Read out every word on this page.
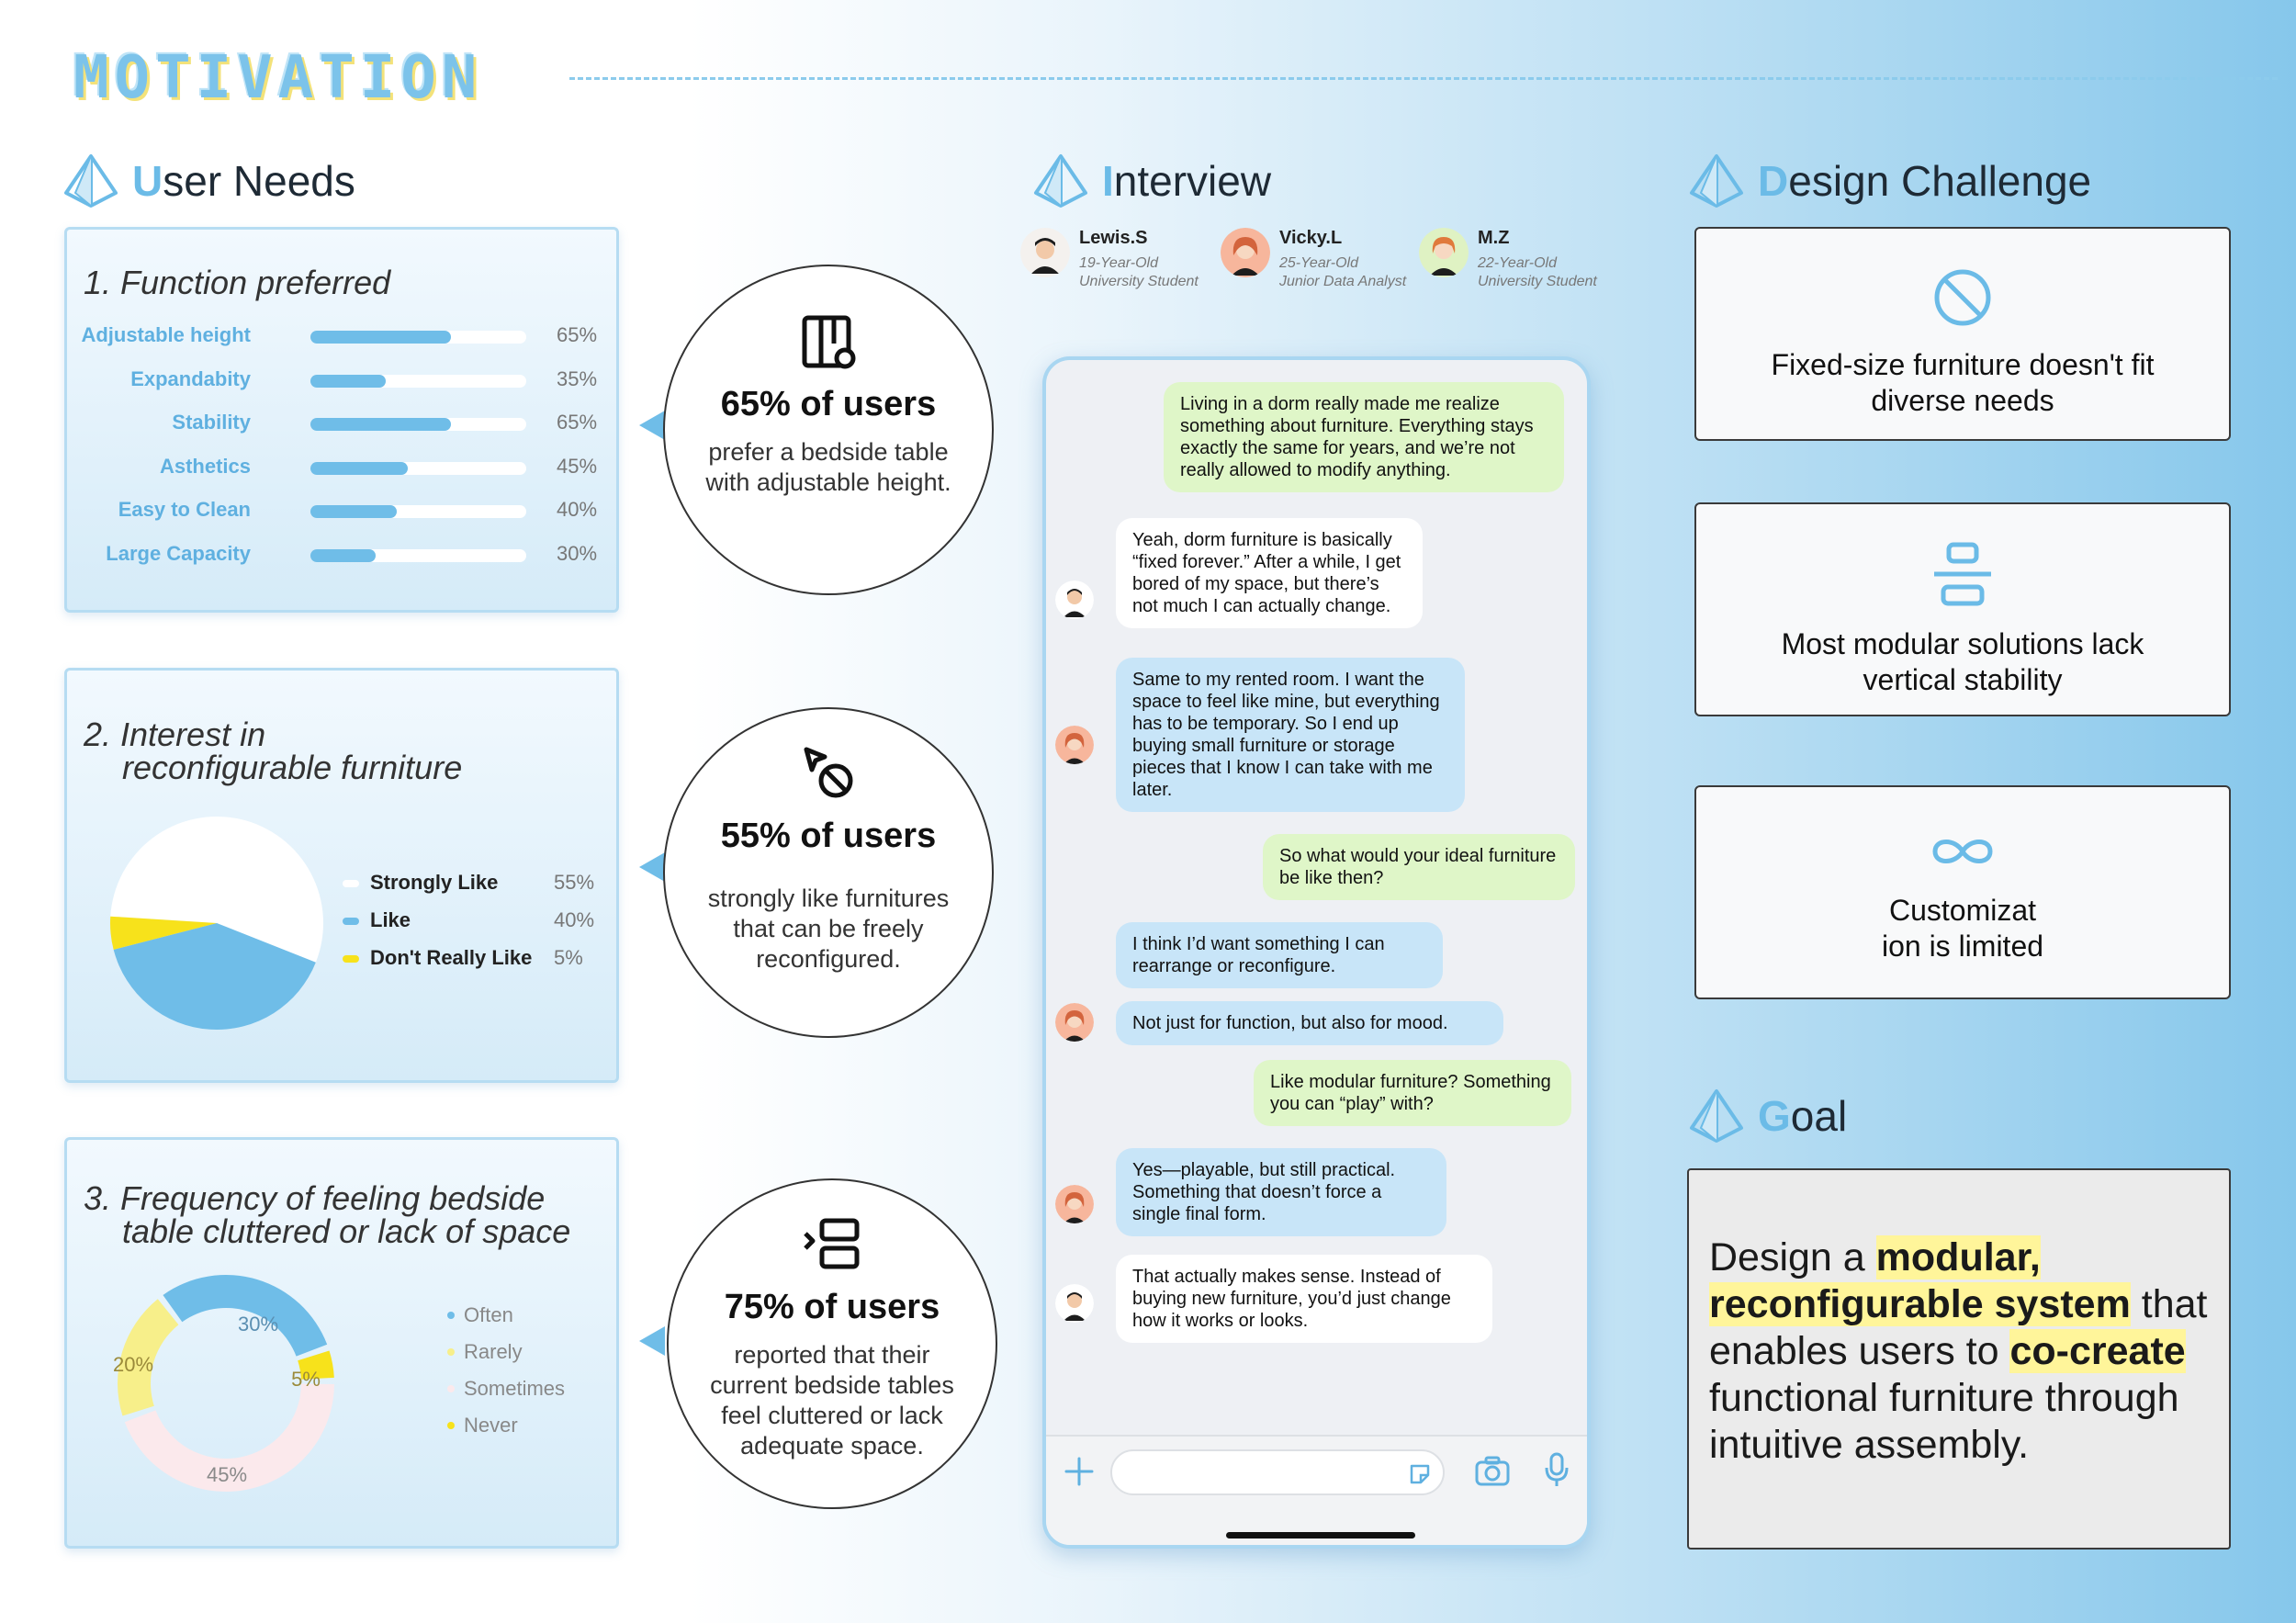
MOTIVATION
User Needs
1. Function preferred
Adjustable height	65%
Expandabity	35%
Stability	65%
Asthetics	45%
Easy to Clean	40%
Large Capacity	30%
2. Interest in
reconfigurable furniture
Strongly Like	55%
Like	40%
Don't Really Like 5%
3. Frequency of feeling bedside
table cluttered or lack of space
30%
20%
5%
45%
Often
Rarely
Sometimes
Never
65% of users
prefer a bedside table with adjustable height.
55% of users
strongly like furnitures that can be freely reconfigured.
75% of users
reported that their current bedside tables feel cluttered or lack adequate space.
Interview
Lewis.S
19-Year-Old
University Student
Vicky.L
25-Year-Old
Junior Data Analyst
M.Z
22-Year-Old
University Student
Living in a dorm really made me realize something about furniture. Everything stays exactly the same for years, and we’re not really allowed to modify anything.
Yeah, dorm furniture is basically “fixed forever.” After a while, I get bored of my space, but there’s not much I can actually change.
Same to my rented room. I want the space to feel like mine, but everything has to be temporary. So I end up buying small furniture or storage pieces that I know I can take with me later.
So what would your ideal furniture be like then?
I think I’d want something I can rearrange or reconfigure.
Not just for function, but also for mood.
Like modular furniture? Something you can “play” with?
Yes—playable, but still practical. Something that doesn’t force a single final form.
That actually makes sense. Instead of buying new furniture, you’d just change how it works or looks.
Design Challenge
Fixed-size furniture doesn't fit
diverse needs
Most modular solutions lack
vertical stability
Customizat
ion is limited
Goal
Design a modular, reconfigurable system that enables users to co-create functional furniture through intuitive assembly.
